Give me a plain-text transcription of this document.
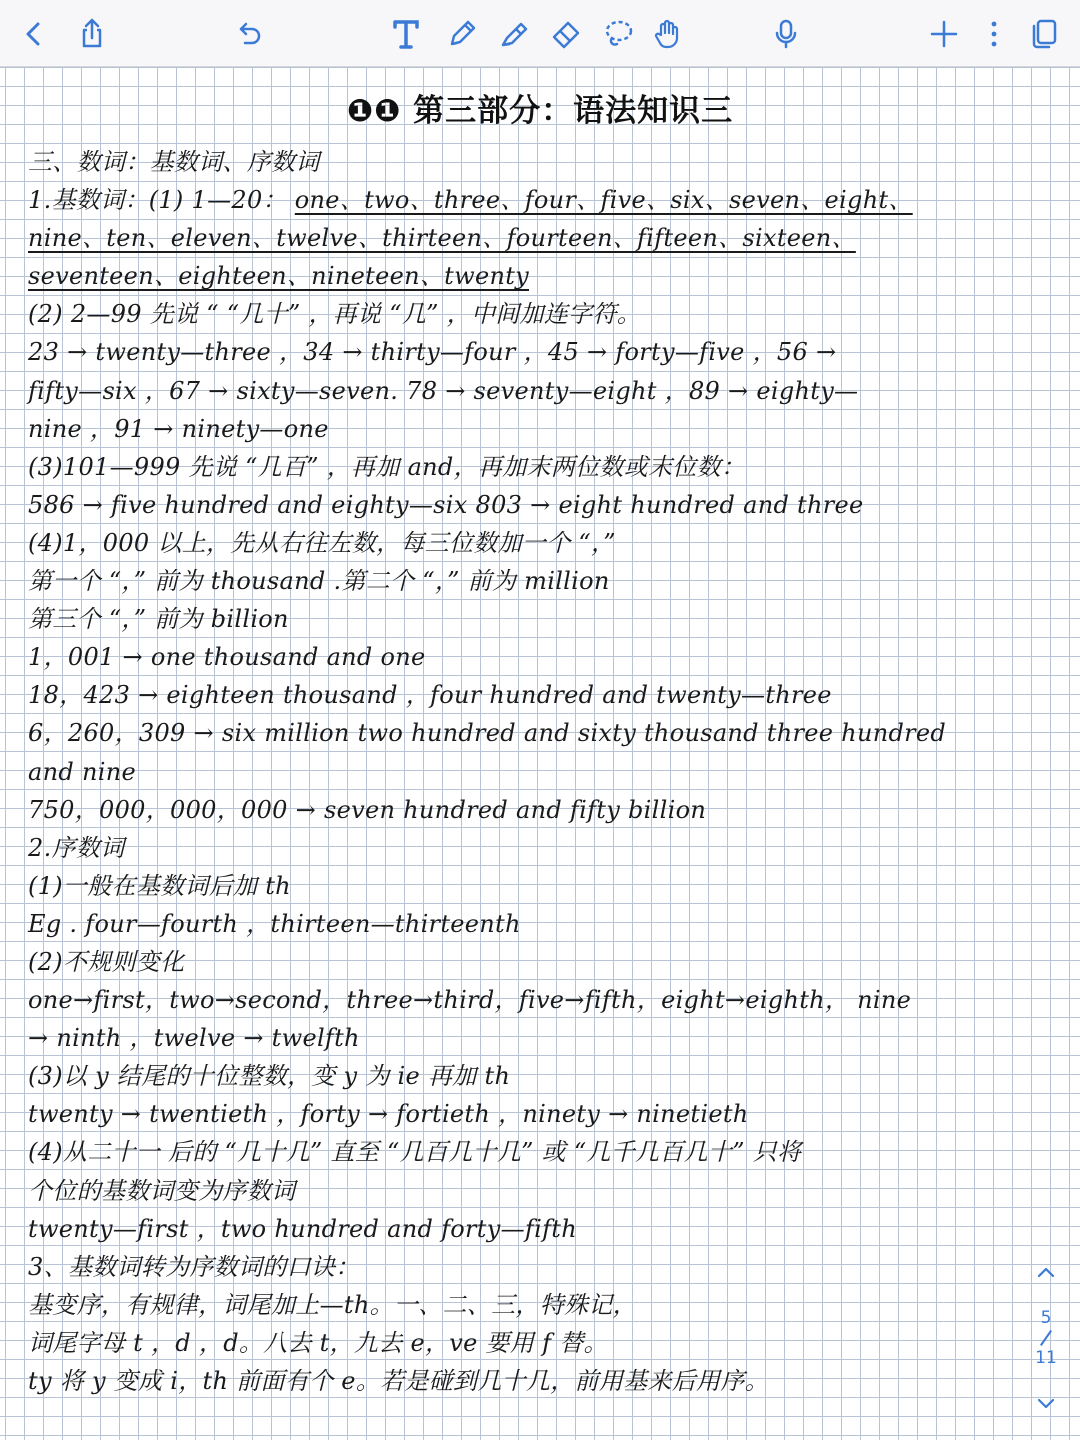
❶❶ 第三部分：语法知识三
三、数词：基数词、序数词
1.基数词：(1) 1—20： one、two、three、four、five、six、seven、eight、
nine、ten、eleven、twelve、thirteen、fourteen、fifteen、sixteen、
seventeen、eighteen、nineteen、twenty
(2) 2—99 先说 “ “几十” ，再说 “几” ，中间加连字符。
23 → twenty—three ，34 → thirty—four ，45 → forty—five ，56 →
fifty—six ，67 → sixty—seven. 78 → seventy—eight ，89 → eighty—
nine ，91 → ninety—one
(3)101—999 先说 “几百” ，再加 and，再加末两位数或末位数：
586 → five hundred and eighty—six 803 → eight hundred and three
(4)1，000 以上，先从右往左数，每三位数加一个 “，”
第一个 “，” 前为 thousand .第二个 “，” 前为 million
第三个 “，” 前为 billion
1，001 → one thousand and one
18，423 → eighteen thousand ，four hundred and twenty—three
6，260，309 → six million two hundred and sixty thousand three hundred
and nine
750，000，000，000 → seven hundred and fifty billion
2.序数词
(1)一般在基数词后加 th
Eg . four—fourth ，thirteen—thirteenth
(2)不规则变化
one→first，two→second，three→third，five→fifth，eight→eighth， nine
→ ninth ，twelve → twelfth
(3)以 y 结尾的十位整数，变 y 为 ie 再加 th
twenty → twentieth ，forty → fortieth ，ninety → ninetieth
(4)从二十一 后的 “几十几” 直至 “几百几十几” 或 “几千几百几十” 只将
个位的基数词变为序数词
twenty—first ，two hundred and forty—fifth
3、基数词转为序数词的口诀：
基变序，有规律，词尾加上—th。一、二、三，特殊记，
词尾字母 t ，d ，d。八去 t，九去 e，ve 要用 f 替。
ty 将 y 变成 i，th 前面有个 e。若是碰到几十几，前用基来后用序。
5
11
